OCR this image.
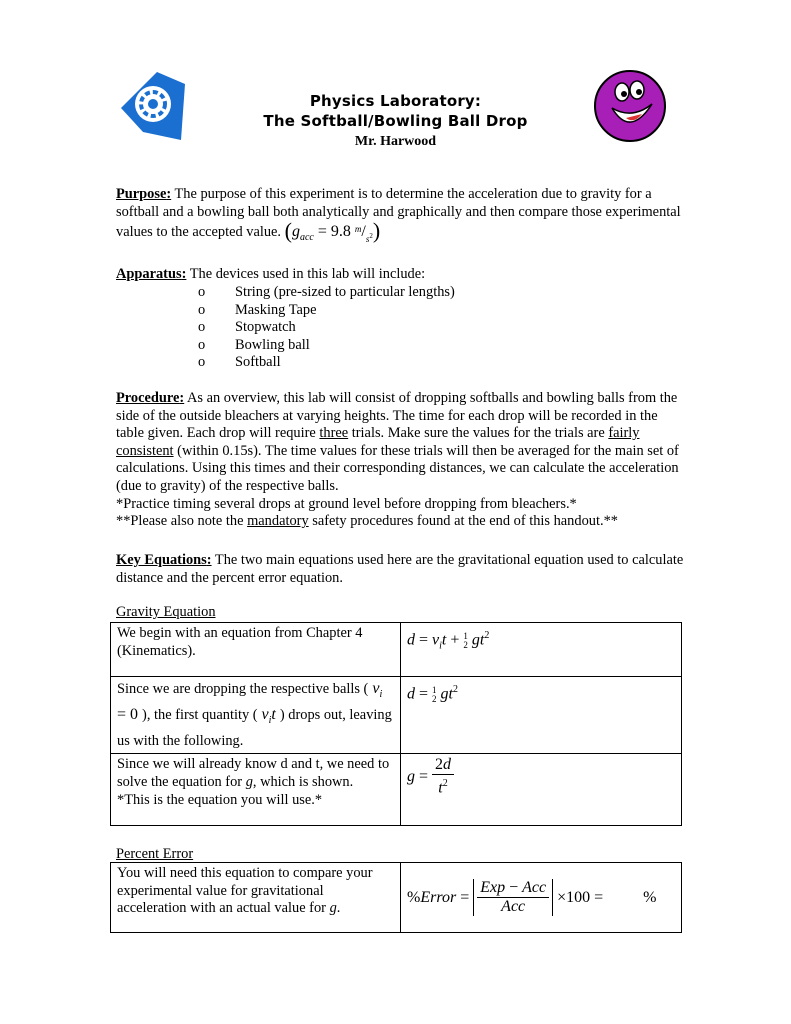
Physics Laboratory:
The Softball/Bowling Ball Drop
Mr. Harwood
Purpose: The purpose of this experiment is to determine the acceleration due to gravity for a softball and a bowling ball both analytically and graphically and then compare those experimental values to the accepted value. ($g_{acc} = 9.8$ $^m/_{s^2}$)
Apparatus: The devices used in this lab will include:
o	String (pre-sized to particular lengths)
o	Masking Tape
o	Stopwatch
o	Bowling ball
o	Softball
Procedure: As an overview, this lab will consist of dropping softballs and bowling balls from the side of the outside bleachers at varying heights. The time for each drop will be recorded in the table given. Each drop will require three trials. Make sure the values for the trials are fairly consistent (within 0.15s). The time values for these trials will then be averaged for the main set of calculations. Using this times and their corresponding distances, we can calculate the acceleration (due to gravity) of the respective balls.
*Practice timing several drops at ground level before dropping from bleachers.*
**Please also note the mandatory safety procedures found at the end of this handout.**
Key Equations: The two main equations used here are the gravitational equation used to calculate distance and the percent error equation.
Gravity Equation
We begin with an equation from Chapter 4 (Kinematics).	$d = v_it + 1$
2 $gt^2$
Since we are dropping the respective balls ( $v_i = 0$ ), the first quantity ( $v_it$ ) drops out, leaving us with the following.	d = 1
2 $gt^2$
Since we will already know d and t, we need to solve the equation for g, which is shown.
*This is the equation you will use.*	$g = \frac{2d}{t^2}$
Percent Error
You will need this equation to compare your experimental value for gravitational acceleration with an actual value for g.	% Error = $\frac{\text{Exp − Acc}}{\text{Acc}} \times 100$ = %
